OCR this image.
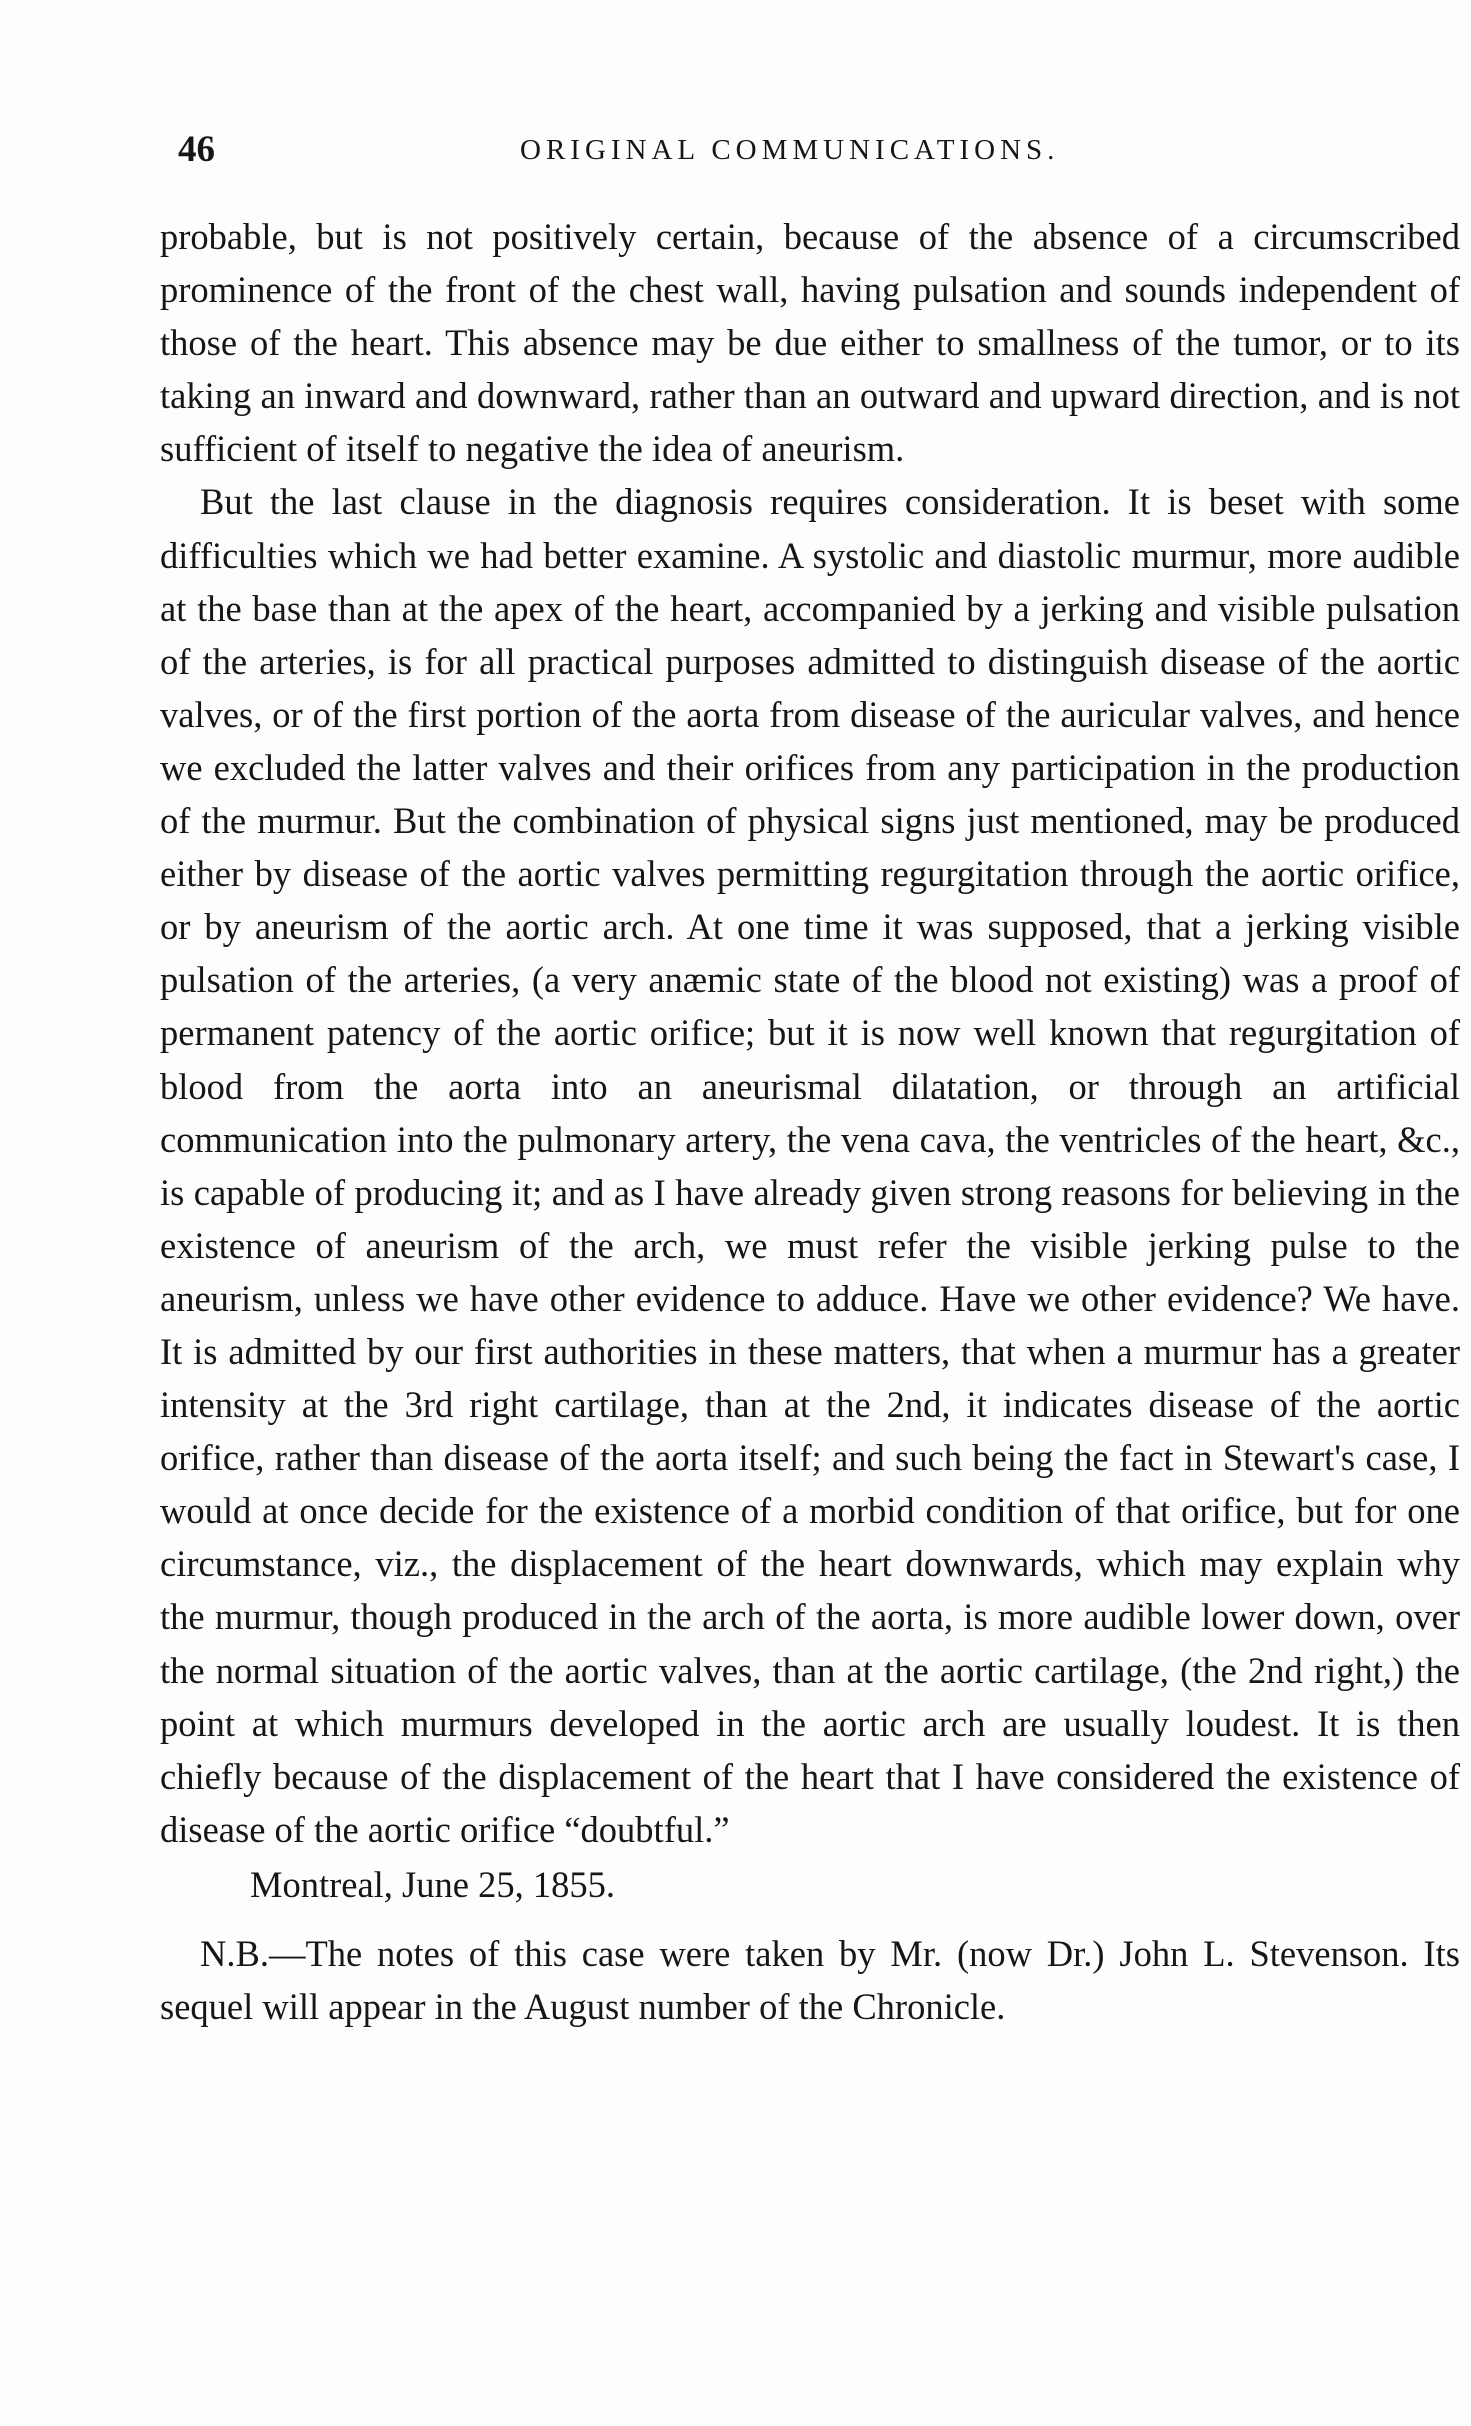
46	ORIGINAL COMMUNICATIONS.

probable, but is not positively certain, because of the absence of a circumscribed prominence of the front of the chest wall, having pulsation and sounds independent of those of the heart. This absence may be due either to smallness of the tumor, or to its taking an inward and downward, rather than an outward and upward direction, and is not sufficient of itself to negative the idea of aneurism.

But the last clause in the diagnosis requires consideration. It is beset with some difficulties which we had better examine. A systolic and diastolic murmur, more audible at the base than at the apex of the heart, accompanied by a jerking and visible pulsation of the arteries, is for all practical purposes admitted to distinguish disease of the aortic valves, or of the first portion of the aorta from disease of the auricular valves, and hence we excluded the latter valves and their orifices from any participation in the production of the murmur. But the combination of physical signs just mentioned, may be produced either by disease of the aortic valves permitting regurgitation through the aortic orifice, or by aneurism of the aortic arch. At one time it was supposed, that a jerking visible pulsation of the arteries, (a very anæmic state of the blood not existing) was a proof of permanent patency of the aortic orifice; but it is now well known that regurgitation of blood from the aorta into an aneurismal dilatation, or through an artificial communication into the pulmonary artery, the vena cava, the ventricles of the heart, &c., is capable of producing it; and as I have already given strong reasons for believing in the existence of aneurism of the arch, we must refer the visible jerking pulse to the aneurism, unless we have other evidence to adduce. Have we other evidence? We have. It is admitted by our first authorities in these matters, that when a murmur has a greater intensity at the 3rd right cartilage, than at the 2nd, it indicates disease of the aortic orifice, rather than disease of the aorta itself; and such being the fact in Stewart's case, I would at once decide for the existence of a morbid condition of that orifice, but for one circumstance, viz., the displacement of the heart downwards, which may explain why the murmur, though produced in the arch of the aorta, is more audible lower down, over the normal situation of the aortic valves, than at the aortic cartilage, (the 2nd right,) the point at which murmurs developed in the aortic arch are usually loudest. It is then chiefly because of the displacement of the heart that I have considered the existence of disease of the aortic orifice “doubtful.”

Montreal, June 25, 1855.

N.B.—The notes of this case were taken by Mr. (now Dr.) John L. Stevenson. Its sequel will appear in the August number of the Chronicle.
